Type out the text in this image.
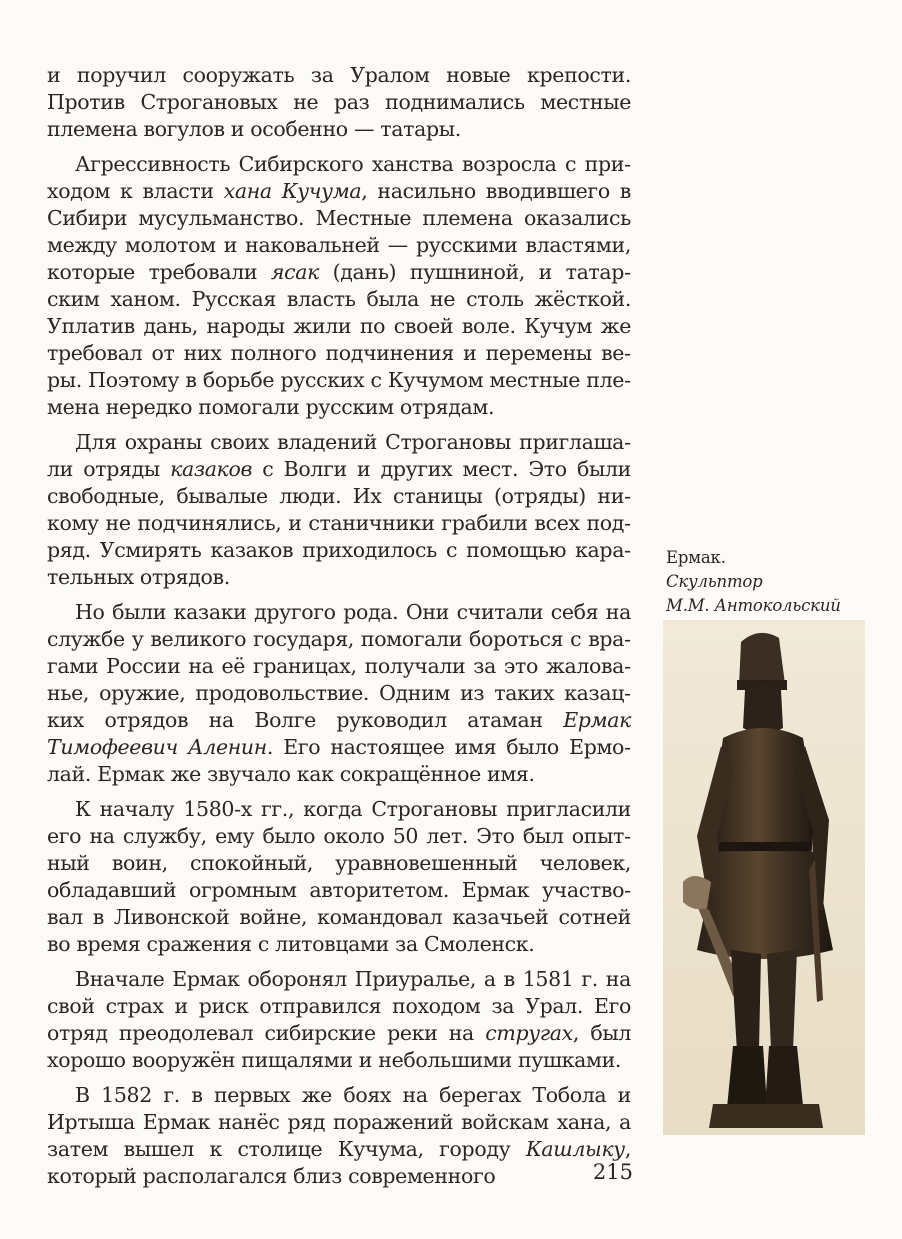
и поручил сооружать за Уралом новые крепости. Против Строгановых не раз поднимались местные племена вогулов и особенно — татары.

Агрессивность Сибирского ханства возросла с приходом к власти хана Кучума, насильно вводившего в Сибири мусульманство. Местные племена оказались между молотом и наковальней — русскими властями, которые требовали ясак (дань) пушниной, и татарским ханом. Русская власть была не столь жёсткой. Уплатив дань, народы жили по своей воле. Кучум же требовал от них полного подчинения и перемены веры. Поэтому в борьбе русских с Кучумом местные племена нередко помогали русским отрядам.

Для охраны своих владений Строгановы приглашали отряды казаков с Волги и других мест. Это были свободные, бывалые люди. Их станицы (отряды) никому не подчинялись, и станичники грабили всех подряд. Усмирять казаков приходилось с помощью карательных отрядов.

Но были казаки другого рода. Они считали себя на службе у великого государя, помогали бороться с врагами России на её границах, получали за это жалованье, оружие, продовольствие. Одним из таких казацких отрядов на Волге руководил атаман Ермак Тимофеевич Аленин. Его настоящее имя было Ермолай. Ермак же звучало как сокращённое имя.

К началу 1580-х гг., когда Строгановы пригласили его на службу, ему было около 50 лет. Это был опытный воин, спокойный, уравновешенный человек, обладавший огромным авторитетом. Ермак участвовал в Ливонской войне, командовал казачьей сотней во время сражения с литовцами за Смоленск.

Вначале Ермак оборонял Приуралье, а в 1581 г. на свой страх и риск отправился походом за Урал. Его отряд преодолевал сибирские реки на стругах, был хорошо вооружён пищалями и небольшими пушками.

В 1582 г. в первых же боях на берегах Тобола и Иртыша Ермак нанёс ряд поражений войскам хана, а затем вышел к столице Кучума, городу Кашлыку, который располагался близ современного

Ермак.
Скульптор
М.М. Антокольский
215
